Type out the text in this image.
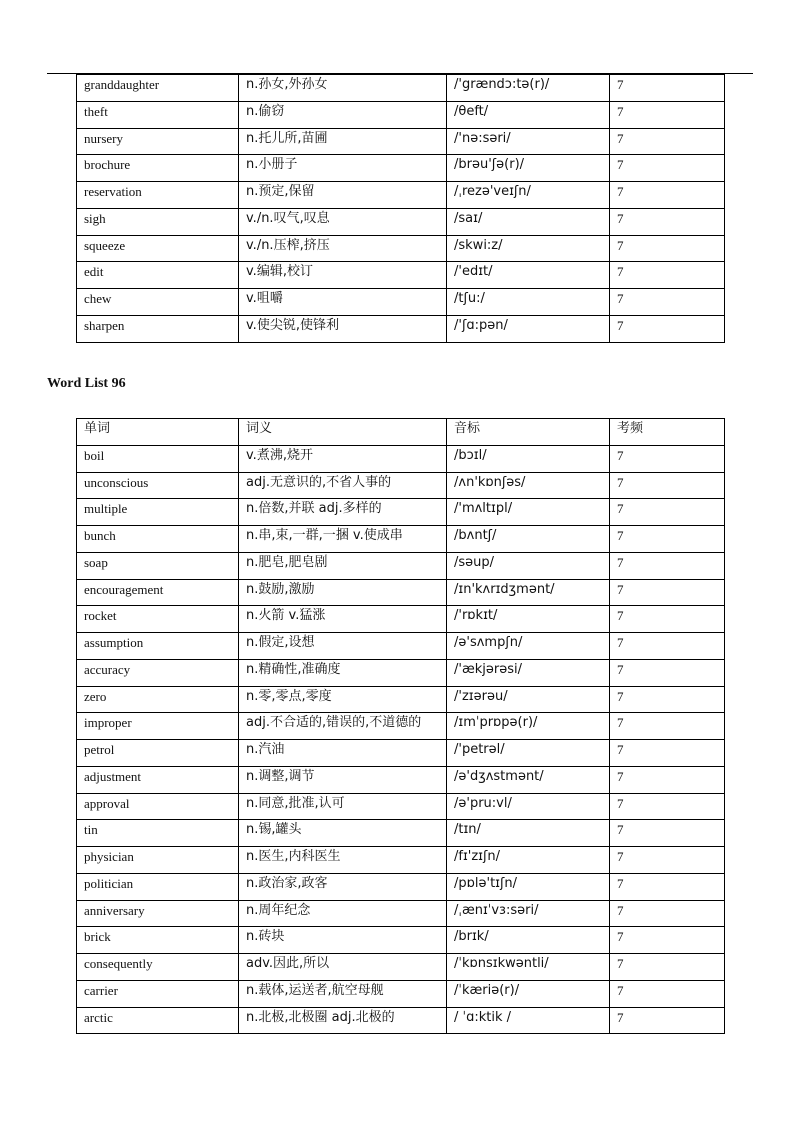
granddaughter	n.孙女,外孙女	/'grændɔ:tə(r)/	7
theft	n.偷窃	/θeft/	7
nursery	n.托儿所,苗圃	/'nə:səri/	7
brochure	n.小册子	/brəu'ʃə(r)/	7
reservation	n.预定,保留	/ˌrezə'veɪʃn/	7
sigh	v./n.叹气,叹息	/saɪ/	7
squeeze	v./n.压榨,挤压	/skwi:z/	7
edit	v.编辑,校订	/'edɪt/	7
chew	v.咀嚼	/tʃu:/	7
sharpen	v.使尖锐,使锋利	/'ʃɑ:pən/	7
Word List 96
单词	词义	音标	考频
boil	v.煮沸,烧开	/bɔɪl/	7
unconscious	adj.无意识的,不省人事的	/ʌn'kɒnʃəs/	7
multiple	n.倍数,并联 adj.多样的	/'mʌltɪpl/	7
bunch	n.串,束,一群,一捆 v.使成串	/bʌntʃ/	7
soap	n.肥皂,肥皂剧	/səup/	7
encouragement	n.鼓励,激励	/ɪn'kʌrɪdʒmənt/	7
rocket	n.火箭 v.猛涨	/'rɒkɪt/	7
assumption	n.假定,设想	/ə'sʌmpʃn/	7
accuracy	n.精确性,准确度	/'ækjərəsi/	7
zero	n.零,零点,零度	/'zɪərəu/	7
improper	adj.不合适的,错误的,不道德的	/ɪmˈprɒpə(r)/	7
petrol	n.汽油	/'petrəl/	7
adjustment	n.调整,调节	/ə'dʒʌstmənt/	7
approval	n.同意,批准,认可	/ə'pru:vl/	7
tin	n.锡,罐头	/tɪn/	7
physician	n.医生,内科医生	/fɪ'zɪʃn/	7
politician	n.政治家,政客	/pɒlə'tɪʃn/	7
anniversary	n.周年纪念	/ˌænɪˈvɜ:səri/	7
brick	n.砖块	/brɪk/	7
consequently	adv.因此,所以	/ˈkɒnsɪkwəntli/	7
carrier	n.载体,运送者,航空母舰	/ˈkæriə(r)/	7
arctic	n.北极,北极圈 adj.北极的	/ ˈɑ:ktik /	7
